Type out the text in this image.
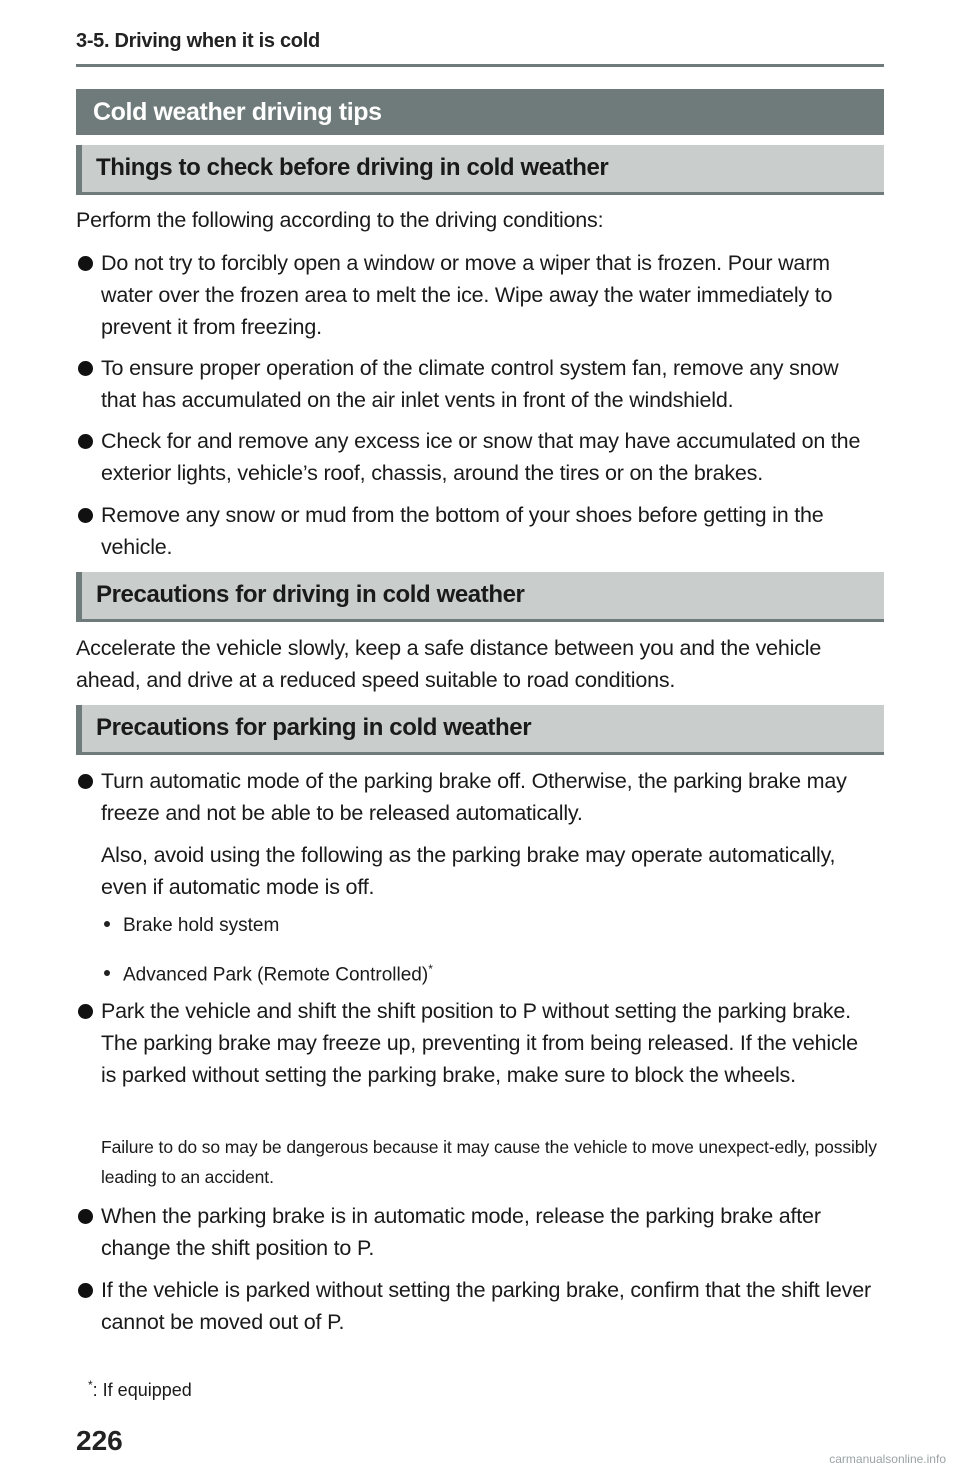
3-5. Driving when it is cold
Cold weather driving tips
Things to check before driving in cold weather
Perform the following according to the driving conditions:
Do not try to forcibly open a window or move a wiper that is frozen. Pour warm water over the frozen area to melt the ice. Wipe away the water immediately to prevent it from freezing.
To ensure proper operation of the climate control system fan, remove any snow that has accumulated on the air inlet vents in front of the windshield.
Check for and remove any excess ice or snow that may have accumulated on the exterior lights, vehicle’s roof, chassis, around the tires or on the brakes.
Remove any snow or mud from the bottom of your shoes before getting in the vehicle.
Precautions for driving in cold weather
Accelerate the vehicle slowly, keep a safe distance between you and the vehicle ahead, and drive at a reduced speed suitable to road conditions.
Precautions for parking in cold weather
Turn automatic mode of the parking brake off. Otherwise, the parking brake may freeze and not be able to be released automatically.
Also, avoid using the following as the parking brake may operate automatically, even if automatic mode is off.
Brake hold system
Advanced Park (Remote Controlled)*
Park the vehicle and shift the shift position to P without setting the parking brake. The parking brake may freeze up, preventing it from being released. If the vehicle is parked without setting the parking brake, make sure to block the wheels.
Failure to do so may be dangerous because it may cause the vehicle to move unexpect-edly, possibly leading to an accident.
When the parking brake is in automatic mode, release the parking brake after change the shift position to P.
If the vehicle is parked without setting the parking brake, confirm that the shift lever cannot be moved out of P.
*: If equipped
226
carmanualsonline.info
